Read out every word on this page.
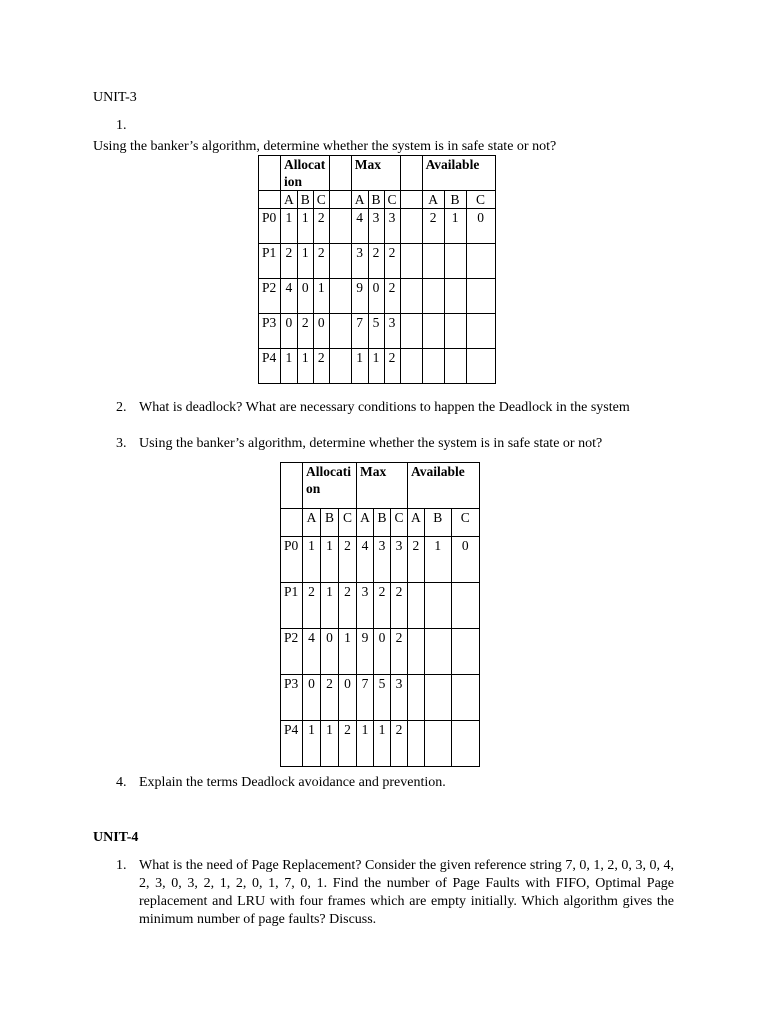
UNIT-3
1.
Using the banker’s algorithm, determine whether the system is in safe state or not?
	Allocation				Max				Available		
	A	B	C		A	B	C		A	B	C
P0	1	1	2		4	3	3		2	1	0
P1	2	1	2		3	2	2				
P2	4	0	1		9	0	2				
P3	0	2	0		7	5	3				
P4	1	1	2		1	1	2				
2. What is deadlock? What are necessary conditions to happen the Deadlock in the system
3. Using the banker’s algorithm, determine whether the system is in safe state or not?
	Allocation			Max			Available		
	A	B	C	A	B	C	A	B	C
P0	1	1	2	4	3	3	2	1	0
P1	2	1	2	3	2	2			
P2	4	0	1	9	0	2			
P3	0	2	0	7	5	3			
P4	1	1	2	1	1	2			
4. Explain the terms Deadlock avoidance and prevention.
UNIT-4
1. What is the need of Page Replacement? Consider the given reference string 7, 0, 1, 2, 0, 3, 0, 4, 2, 3, 0, 3, 2, 1, 2, 0, 1, 7, 0, 1. Find the number of Page Faults with FIFO, Optimal Page replacement and LRU with four frames which are empty initially. Which algorithm gives the minimum number of page faults? Discuss.
